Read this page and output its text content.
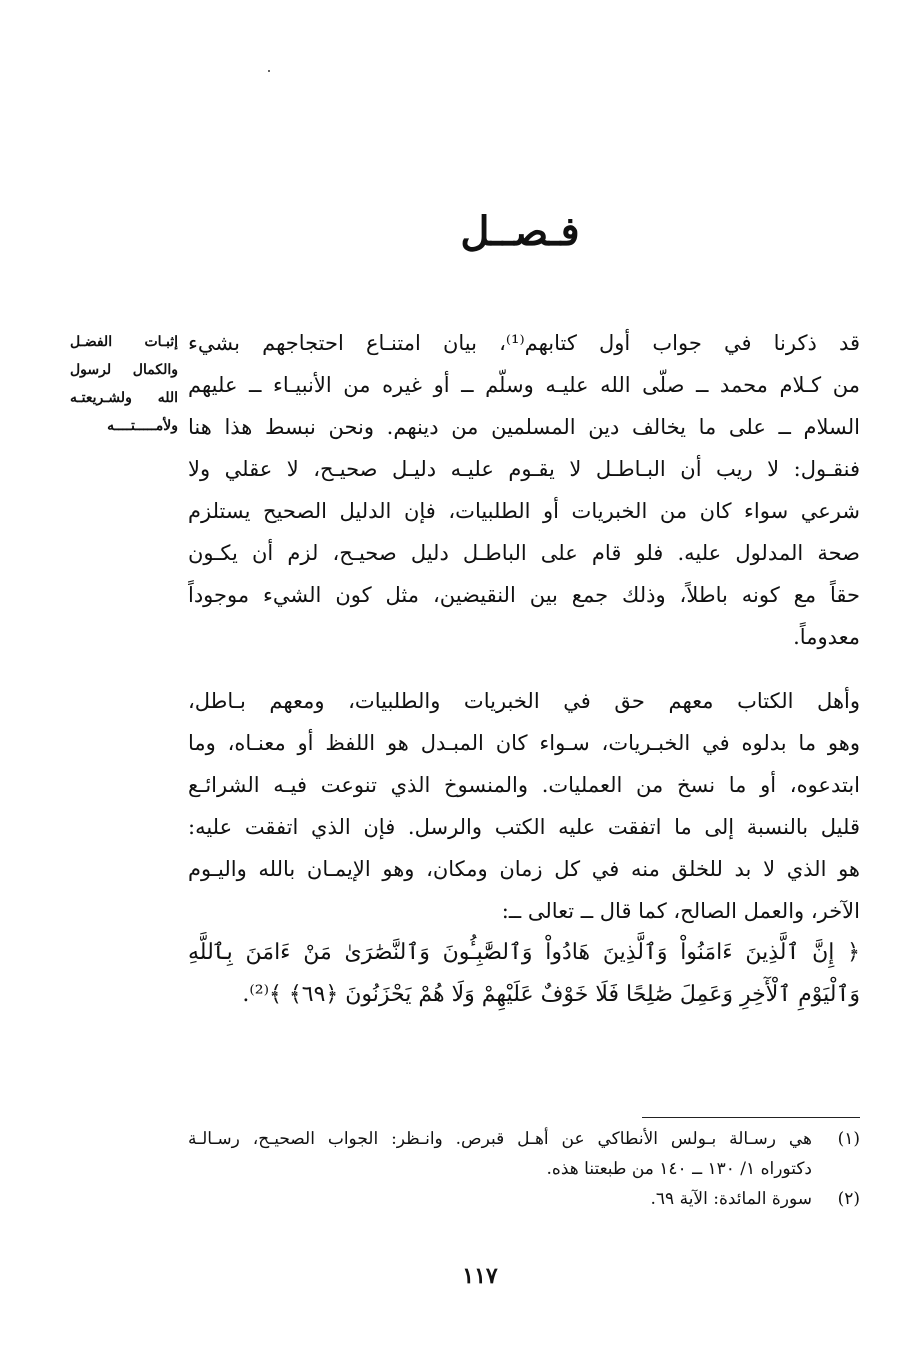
فـصــل
إثبـات الفضـل
والكمال لرسول
الله ولشـريعتـه
ولأمـــــتــــه

قد ذكرنا في جواب أول كتابهم⁽¹⁾، بيان امتنـاع احتجاجهم بشيء
من كـلام محمد ــ صلّى الله عليـه وسلّم ــ أو غيره من الأنبيـاء ــ عليهم
السلام ــ على ما يخالف دين المسلمين من دينهم. ونحن نبسط هذا هنا
فنقـول: لا ريب أن البـاطـل لا يقـوم عليـه دليـل صحيـح، لا عقلي ولا
شرعي سواء كان من الخبريات أو الطلبيات، فإن الدليل الصحيح يستلزم
صحة المدلول عليه. فلو قام على الباطـل دليل صحيـح، لزم أن يكـون
حقاً مع كونه باطلاً، وذلك جمع بين النقيضين، مثل كون الشيء موجوداً
معدوماً.

وأهل الكتاب معهم حق في الخبريات والطلبيات، ومعهم بـاطل،
وهو ما بدلوه في الخبـريات، سـواء كان المبـدل هو اللفظ أو معنـاه، وما
ابتدعوه، أو ما نسخ من العمليات. والمنسوخ الذي تنوعت فيـه الشرائـع
قليل بالنسبة إلى ما اتفقت عليه الكتب والرسل. فإن الذي اتفقت عليه:
هو الذي لا بد للخلق منه في كل زمان ومكان، وهو الإيمـان بالله واليـوم
الآخر، والعمل الصالح، كما قال ــ تعالى ــ:

﴿ إِنَّ ٱلَّذِينَ ءَامَنُواْ وَٱلَّذِينَ هَادُواْ وَٱلصَّٰبِـُٔونَ وَٱلنَّصَٰرَىٰ مَنْ ءَامَنَ بِٱللَّهِ
وَٱلْيَوْمِ ٱلْأٓخِرِ وَعَمِلَ صَٰلِحًا فَلَا خَوْفٌ عَلَيْهِمْ وَلَا هُمْ يَحْزَنُونَ ﴿٦٩﴾ ﴾⁽²⁾.
(١)
هي رسـالة بـولس الأنطاكي عن أهـل قبرص. وانـظر: الجواب الصحيـح، رسـالـة
دكتوراه ١/ ١٣٠ ــ ١٤٠ من طبعتنا هذه.
(٢)
سورة المائدة: الآية ٦٩.
١١٧
